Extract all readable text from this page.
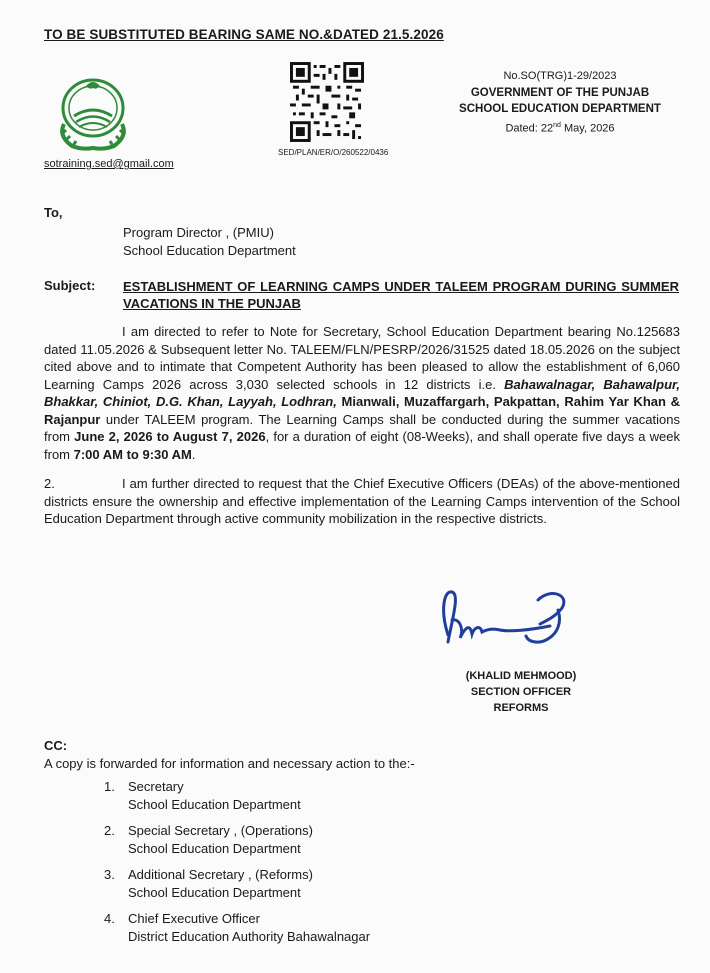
TO BE SUBSTITUTED BEARING SAME NO.&DATED 21.5.2026
SED/PLAN/ER/O/260522/0436
No.SO(TRG)1-29/2023
GOVERNMENT OF THE PUNJAB
SCHOOL EDUCATION DEPARTMENT
Dated: 22nd May, 2026
sotraining.sed@gmail.com
To,
Program Director , (PMIU)
School Education Department
Subject: ESTABLISHMENT OF LEARNING CAMPS UNDER TALEEM PROGRAM DURING SUMMER VACATIONS IN THE PUNJAB
I am directed to refer to Note for Secretary, School Education Department bearing No.125683 dated 11.05.2026 & Subsequent letter No. TALEEM/FLN/PESRP/2026/31525 dated 18.05.2026 on the subject cited above and to intimate that Competent Authority has been pleased to allow the establishment of 6,060 Learning Camps 2026 across 3,030 selected schools in 12 districts i.e. Bahawalnagar, Bahawalpur, Bhakkar, Chiniot, D.G. Khan, Layyah, Lodhran, Mianwali, Muzaffargarh, Pakpattan, Rahim Yar Khan & Rajanpur under TALEEM program. The Learning Camps shall be conducted during the summer vacations from June 2, 2026 to August 7, 2026, for a duration of eight (08-Weeks), and shall operate five days a week from 7:00 AM to 9:30 AM.
2.	I am further directed to request that the Chief Executive Officers (DEAs) of the above-mentioned districts ensure the ownership and effective implementation of the Learning Camps intervention of the School Education Department through active community mobilization in the respective districts.
(KHALID MEHMOOD)
SECTION OFFICER
REFORMS
CC:
A copy is forwarded for information and necessary action to the:-
1.	Secretary
School Education Department
2.	Special Secretary , (Operations)
School Education Department
3.	Additional Secretary , (Reforms)
School Education Department
4.	Chief Executive Officer
District Education Authority Bahawalnagar
